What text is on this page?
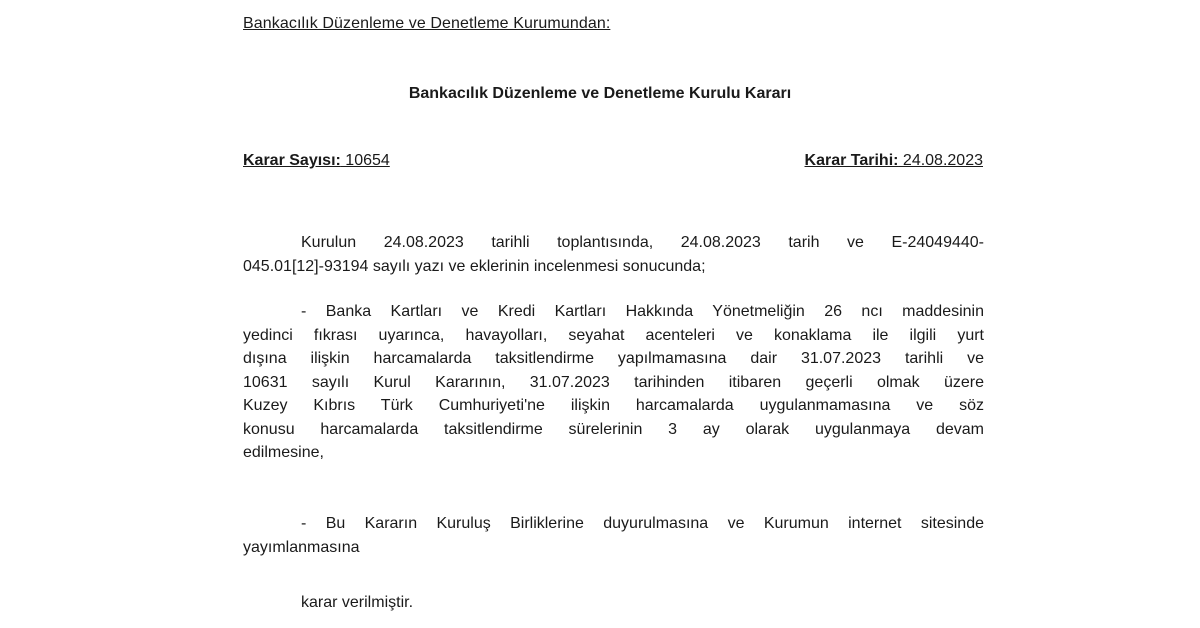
Bankacılık Düzenleme ve Denetleme Kurumundan:
Bankacılık Düzenleme ve Denetleme Kurulu Kararı
Karar Sayısı: 10654	Karar Tarihi: 24.08.2023
Kurulun 24.08.2023 tarihli toplantısında, 24.08.2023 tarih ve E-24049440-
045.01[12]-93194 sayılı yazı ve eklerinin incelenmesi sonucunda;
- Banka Kartları ve Kredi Kartları Hakkında Yönetmeliğin 26 ncı maddesinin
yedinci fıkrası uyarınca, havayolları, seyahat acenteleri ve konaklama ile ilgili yurt
dışına ilişkin harcamalarda taksitlendirme yapılmamasına dair 31.07.2023 tarihli ve
10631 sayılı Kurul Kararının, 31.07.2023 tarihinden itibaren geçerli olmak üzere
Kuzey Kıbrıs Türk Cumhuriyeti'ne ilişkin harcamalarda uygulanmamasına ve söz
konusu harcamalarda taksitlendirme sürelerinin 3 ay olarak uygulanmaya devam
edilmesine,
- Bu Kararın Kuruluş Birliklerine duyurulmasına ve Kurumun internet sitesinde
yayımlanmasına
karar verilmiştir.
